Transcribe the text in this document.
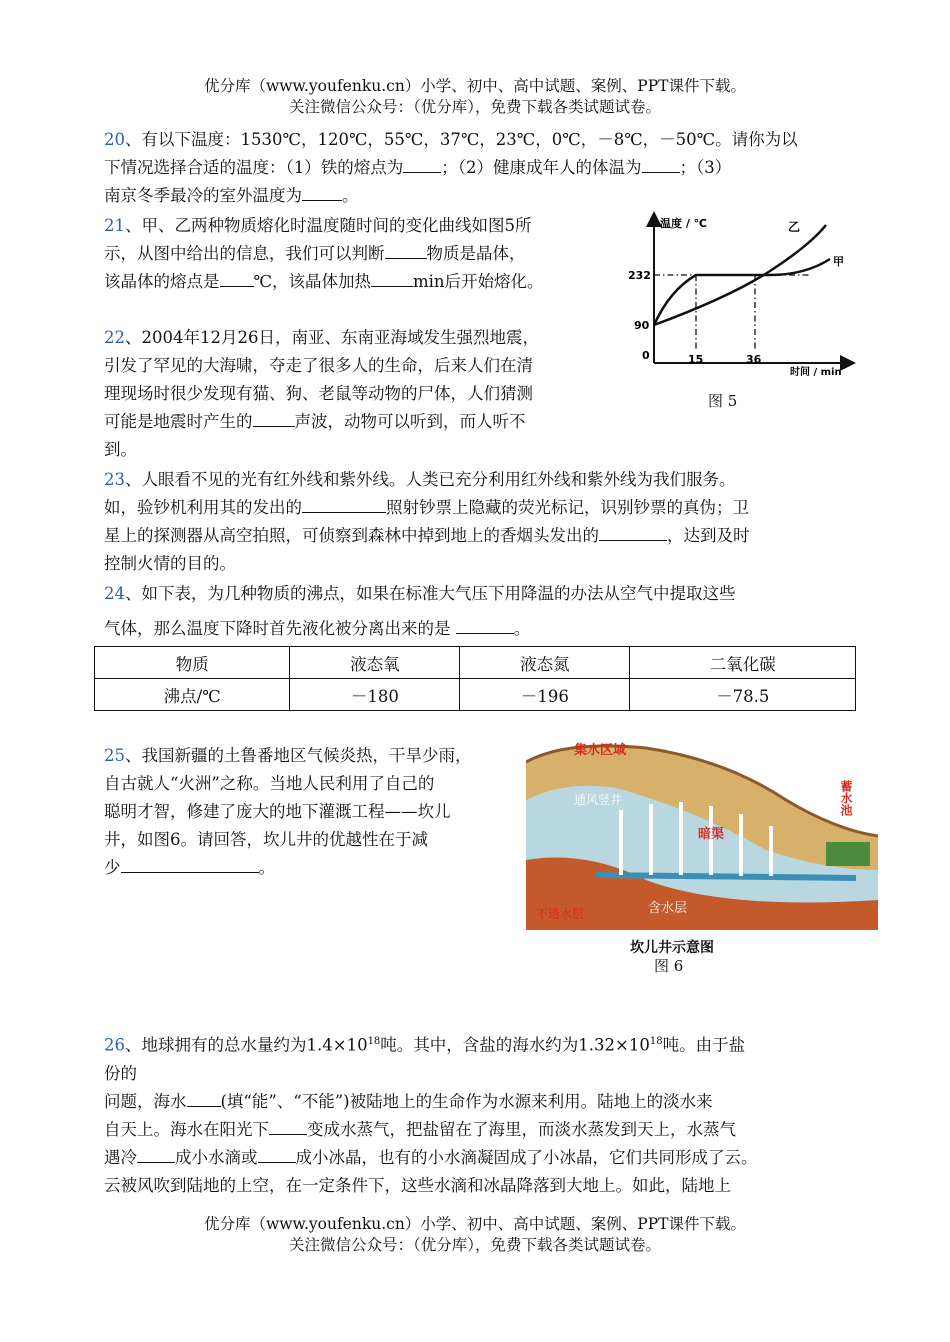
优分库（www.youfenku.cn）小学、初中、高中试题、案例、PPT课件下载。
关注微信公众号：（优分库），免费下载各类试题试卷。
20、有以下温度：1530℃，120℃，55℃，37℃，23℃，0℃，－8℃，－50℃。请你为以
下情况选择合适的温度：（1）铁的熔点为 ；（2）健康成年人的体温为 ；（3）
南京冬季最冷的室外温度为 。
21、甲、乙两种物质熔化时温度随时间的变化曲线如图5所
示，从图中给出的信息，我们可以判断	物质是晶体，
该晶体的熔点是 ℃，该晶体加热	min后开始熔化。
温度 / ℃
时间 / min
0
232
90
15	36
乙
甲
图 5
22、2004年12月26日，南亚、东南亚海域发生强烈地震，
引发了罕见的大海啸，夺走了很多人的生命，后来人们在清
理现场时很少发现有猫、狗、老鼠等动物的尸体，人们猜测
可能是地震时产生的	声波，动物可以听到，而人听不
到。
23、人眼看不见的光有红外线和紫外线。人类已充分利用红外线和紫外线为我们服务。
如，验钞机利用其的发出的	照射钞票上隐藏的荧光标记，识别钞票的真伪；卫
星上的探测器从高空拍照，可侦察到森林中掉到地上的香烟头发出的	，达到及时
控制火情的目的。
24、如下表，为几种物质的沸点，如果在标准大气压下用降温的办法从空气中提取这些
气体，那么温度下降时首先液化被分离出来的是	。
物质	液态氧	液态氮	二氧化碳
沸点/℃	－180	－196	－78.5
25、我国新疆的土鲁番地区气候炎热，干旱少雨，
自古就人“火洲”之称。当地人民利用了自己的
聪明才智，修建了庞大的地下灌溉工程——坎儿
井，如图6。请回答，坎儿井的优越性在于减
少	。
集水区域
通风竖井
暗渠
蓄水池
含水层
不透水层
坎儿井示意图
图 6
26、地球拥有的总水量约为$1.4\times 10^{18}$吨。其中，含盐的海水约为$1.32\times 10^{18}$吨。由于盐
份的
问题，海水 (填“能”、“不能”)被陆地上的生命作为水源来利用。陆地上的淡水来
自天上。海水在阳光下 变成水蒸气，把盐留在了海里，而淡水蒸发到天上，水蒸气
遇冷 成小水滴或 成小冰晶，也有的小水滴凝固成了小冰晶，它们共同形成了云。
云被风吹到陆地的上空，在一定条件下，这些水滴和冰晶降落到大地上。如此，陆地上
优分库（www.youfenku.cn）小学、初中、高中试题、案例、PPT课件下载。
关注微信公众号：（优分库），免费下载各类试题试卷。
